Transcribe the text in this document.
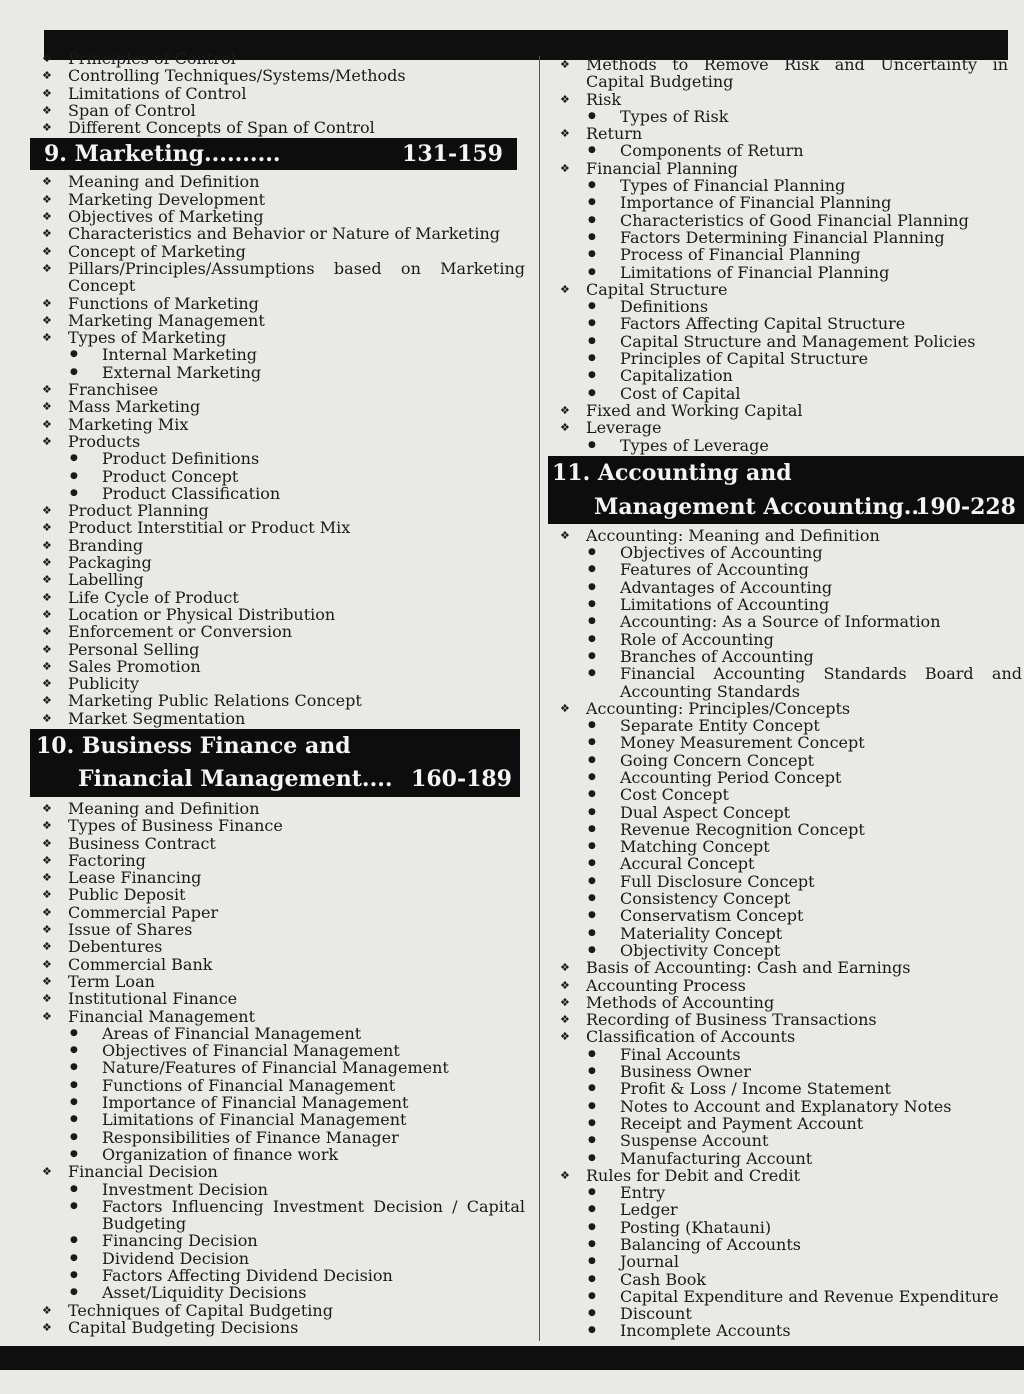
❖ Principles of Control
❖ Controlling Techniques/Systems/Methods
❖ Limitations of Control
❖ Span of Control
❖ Different Concepts of Span of Control
9. Marketing..........	131-159
❖ Meaning and Definition
❖ Marketing Development
❖ Objectives of Marketing
❖ Characteristics and Behavior or Nature of Marketing
❖ Concept of Marketing
❖ Pillars/Principles/Assumptions based on Marketing Concept
❖ Functions of Marketing
❖ Marketing Management
❖ Types of Marketing
● Internal Marketing
● External Marketing
❖ Franchisee
❖ Mass Marketing
❖ Marketing Mix
❖ Products
● Product Definitions
● Product Concept
● Product Classification
❖ Product Planning
❖ Product Interstitial or Product Mix
❖ Branding
❖ Packaging
❖ Labelling
❖ Life Cycle of Product
❖ Location or Physical Distribution
❖ Enforcement or Conversion
❖ Personal Selling
❖ Sales Promotion
❖ Publicity
❖ Marketing Public Relations Concept
❖ Market Segmentation
10. Business Finance and
Financial Management.... 160-189
❖ Meaning and Definition
❖ Types of Business Finance
❖ Business Contract
❖ Factoring
❖ Lease Financing
❖ Public Deposit
❖ Commercial Paper
❖ Issue of Shares
❖ Debentures
❖ Commercial Bank
❖ Term Loan
❖ Institutional Finance
❖ Financial Management
● Areas of Financial Management
● Objectives of Financial Management
● Nature/Features of Financial Management
● Functions of Financial Management
● Importance of Financial Management
● Limitations of Financial Management
● Responsibilities of Finance Manager
● Organization of finance work
❖ Financial Decision
● Investment Decision
● Factors Influencing Investment Decision / Capital Budgeting
● Financing Decision
● Dividend Decision
● Factors Affecting Dividend Decision
● Asset/Liquidity Decisions
❖ Techniques of Capital Budgeting
❖ Capital Budgeting Decisions
❖ Methods to Remove Risk and Uncertainty in Capital Budgeting
❖ Risk
● Types of Risk
❖ Return
● Components of Return
❖ Financial Planning
● Types of Financial Planning
● Importance of Financial Planning
● Characteristics of Good Financial Planning
● Factors Determining Financial Planning
● Process of Financial Planning
● Limitations of Financial Planning
❖ Capital Structure
● Definitions
● Factors Affecting Capital Structure
● Capital Structure and Management Policies
● Principles of Capital Structure
● Capitalization
● Cost of Capital
❖ Fixed and Working Capital
❖ Leverage
● Types of Leverage
11. Accounting and
Management Accounting..
190-228
❖ Accounting: Meaning and Definition
● Objectives of Accounting
● Features of Accounting
● Advantages of Accounting
● Limitations of Accounting
● Accounting: As a Source of Information
● Role of Accounting
● Branches of Accounting
● Financial Accounting Standards Board and Accounting Standards
❖ Accounting: Principles/Concepts
● Separate Entity Concept
● Money Measurement Concept
● Going Concern Concept
● Accounting Period Concept
● Cost Concept
● Dual Aspect Concept
● Revenue Recognition Concept
● Matching Concept
● Accural Concept
● Full Disclosure Concept
● Consistency Concept
● Conservatism Concept
● Materiality Concept
● Objectivity Concept
❖ Basis of Accounting: Cash and Earnings
❖ Accounting Process
❖ Methods of Accounting
❖ Recording of Business Transactions
❖ Classification of Accounts
● Final Accounts
● Business Owner
● Profit & Loss / Income Statement
● Notes to Account and Explanatory Notes
● Receipt and Payment Account
● Suspense Account
● Manufacturing Account
❖ Rules for Debit and Credit
● Entry
● Ledger
● Posting (Khatauni)
● Balancing of Accounts
● Journal
● Cash Book
● Capital Expenditure and Revenue Expenditure
● Discount
● Incomplete Accounts
